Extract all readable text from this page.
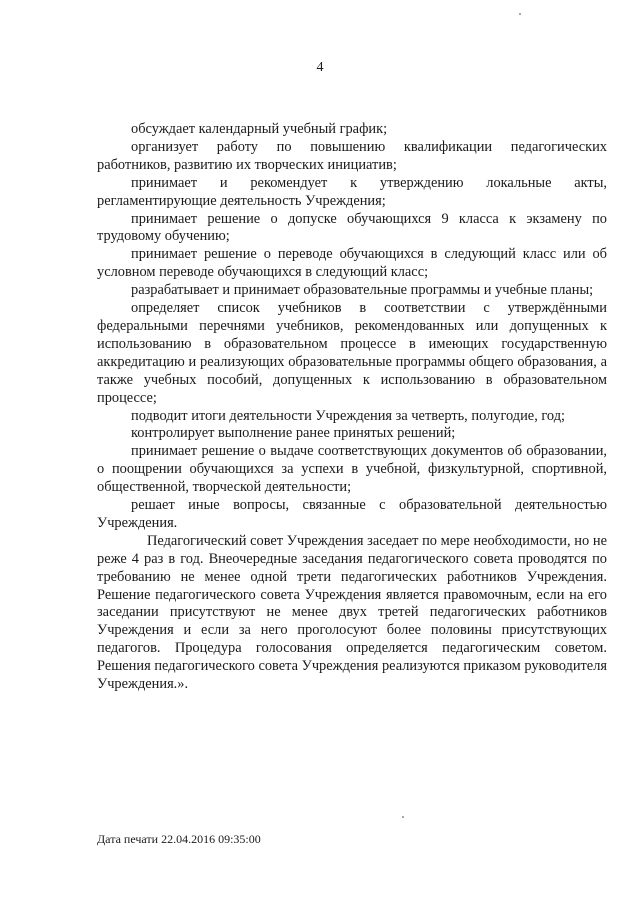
4

обсуждает календарный учебный график;

организует работу по повышению квалификации педагогических работников, развитию их творческих инициатив;

принимает и рекомендует к утверждению локальные акты, регламентирующие деятельность Учреждения;

принимает решение о допуске обучающихся 9 класса к экзамену по трудовому обучению;

принимает решение о переводе обучающихся в следующий класс или об условном переводе обучающихся в следующий класс;

разрабатывает и принимает образовательные программы и учебные планы;

определяет список учебников в соответствии с утверждёнными федеральными перечнями учебников, рекомендованных или допущенных к использованию в образовательном процессе в имеющих государственную аккредитацию и реализующих образовательные программы общего образования, а также учебных пособий, допущенных к использованию в образовательном процессе;

подводит итоги деятельности Учреждения за четверть, полугодие, год;

контролирует выполнение ранее принятых решений;

принимает решение о выдаче соответствующих документов об образовании, о поощрении обучающихся за успехи в учебной, физкультурной, спортивной, общественной, творческой деятельности;

решает иные вопросы, связанные с образовательной деятельностью Учреждения.

Педагогический совет Учреждения заседает по мере необходимости, но не реже 4 раз в год. Внеочередные заседания педагогического совета проводятся по требованию не менее одной трети педагогических работников Учреждения. Решение педагогического совета Учреждения является правомочным, если на его заседании присутствуют не менее двух третей педагогических работников Учреждения и если за него проголосуют более половины присутствующих педагогов. Процедура голосования определяется педагогическим советом. Решения педагогического совета Учреждения реализуются приказом руководителя Учреждения.».

Дата печати 22.04.2016 09:35:00
